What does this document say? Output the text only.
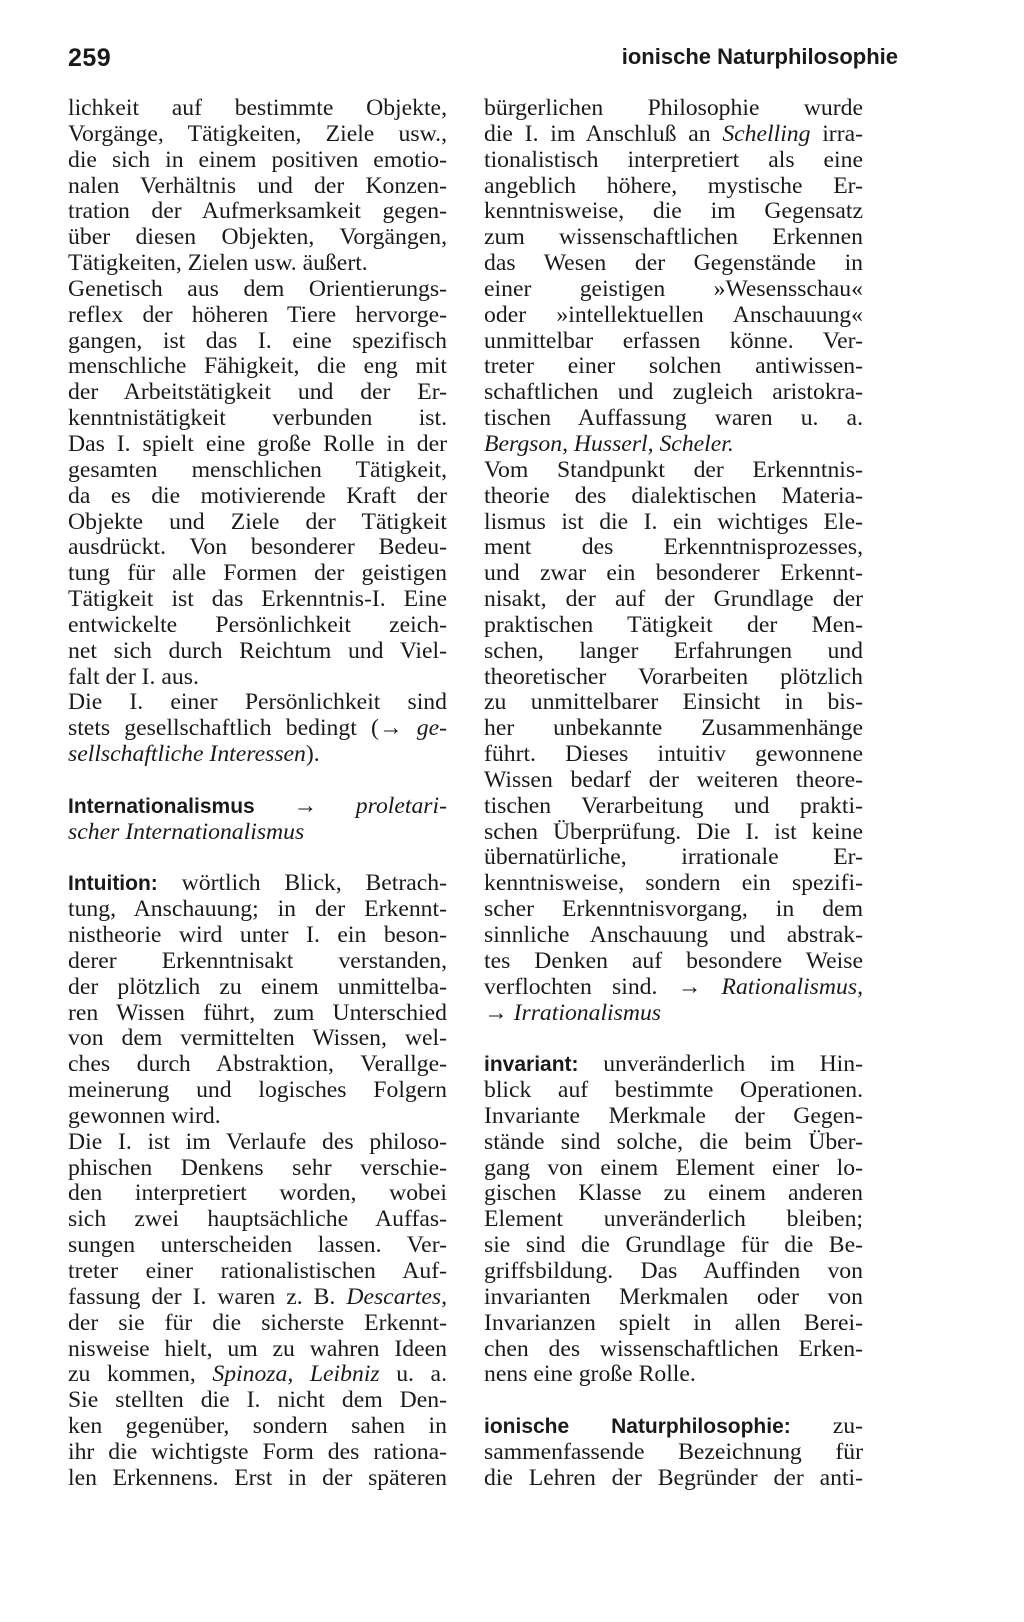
259	ionische Naturphilosophie
lichkeit auf bestimmte Objekte,
Vorgänge, Tätigkeiten, Ziele usw.,
die sich in einem positiven emotio-
nalen Verhältnis und der Konzen-
tration der Aufmerksamkeit gegen-
über diesen Objekten, Vorgängen,
Tätigkeiten, Zielen usw. äußert.
Genetisch aus dem Orientierungs-
reflex der höheren Tiere hervorge-
gangen, ist das I. eine spezifisch
menschliche Fähigkeit, die eng mit
der Arbeitstätigkeit und der Er-
kenntnistätigkeit verbunden ist.
Das I. spielt eine große Rolle in der
gesamten menschlichen Tätigkeit,
da es die motivierende Kraft der
Objekte und Ziele der Tätigkeit
ausdrückt. Von besonderer Bedeu-
tung für alle Formen der geistigen
Tätigkeit ist das Erkenntnis-I. Eine
entwickelte Persönlichkeit zeich-
net sich durch Reichtum und Viel-
falt der I. aus.
Die I. einer Persönlichkeit sind
stets gesellschaftlich bedingt (→ ge-
sellschaftliche Interessen).
Internationalismus → proletari-
scher Internationalismus
Intuition: wörtlich Blick, Betrach-
tung, Anschauung; in der Erkennt-
nistheorie wird unter I. ein beson-
derer Erkenntnisakt verstanden,
der plötzlich zu einem unmittelba-
ren Wissen führt, zum Unterschied
von dem vermittelten Wissen, wel-
ches durch Abstraktion, Verallge-
meinerung und logisches Folgern
gewonnen wird.
Die I. ist im Verlaufe des philoso-
phischen Denkens sehr verschie-
den interpretiert worden, wobei
sich zwei hauptsächliche Auffas-
sungen unterscheiden lassen. Ver-
treter einer rationalistischen Auf-
fassung der I. waren z. B. Descartes,
der sie für die sicherste Erkennt-
nisweise hielt, um zu wahren Ideen
zu kommen, Spinoza, Leibniz u. a.
Sie stellten die I. nicht dem Den-
ken gegenüber, sondern sahen in
ihr die wichtigste Form des rationa-
len Erkennens. Erst in der späteren
bürgerlichen Philosophie wurde
die I. im Anschluß an Schelling irra-
tionalistisch interpretiert als eine
angeblich höhere, mystische Er-
kenntnisweise, die im Gegensatz
zum wissenschaftlichen Erkennen
das Wesen der Gegenstände in
einer geistigen »Wesensschau«
oder »intellektuellen Anschauung«
unmittelbar erfassen könne. Ver-
treter einer solchen antiwissen-
schaftlichen und zugleich aristokra-
tischen Auffassung waren u. a.
Bergson, Husserl, Scheler.
Vom Standpunkt der Erkenntnis-
theorie des dialektischen Materia-
lismus ist die I. ein wichtiges Ele-
ment des Erkenntnisprozesses,
und zwar ein besonderer Erkennt-
nisakt, der auf der Grundlage der
praktischen Tätigkeit der Men-
schen, langer Erfahrungen und
theoretischer Vorarbeiten plötzlich
zu unmittelbarer Einsicht in bis-
her unbekannte Zusammenhänge
führt. Dieses intuitiv gewonnene
Wissen bedarf der weiteren theore-
tischen Verarbeitung und prakti-
schen Überprüfung. Die I. ist keine
übernatürliche, irrationale Er-
kenntnisweise, sondern ein spezifi-
scher Erkenntnisvorgang, in dem
sinnliche Anschauung und abstrak-
tes Denken auf besondere Weise
verflochten sind. → Rationalismus,
→ Irrationalismus
invariant: unveränderlich im Hin-
blick auf bestimmte Operationen.
Invariante Merkmale der Gegen-
stände sind solche, die beim Über-
gang von einem Element einer lo-
gischen Klasse zu einem anderen
Element unveränderlich bleiben;
sie sind die Grundlage für die Be-
griffsbildung. Das Auffinden von
invarianten Merkmalen oder von
Invarianzen spielt in allen Berei-
chen des wissenschaftlichen Erken-
nens eine große Rolle.
ionische Naturphilosophie: zu-
sammenfassende Bezeichnung für
die Lehren der Begründer der anti-
